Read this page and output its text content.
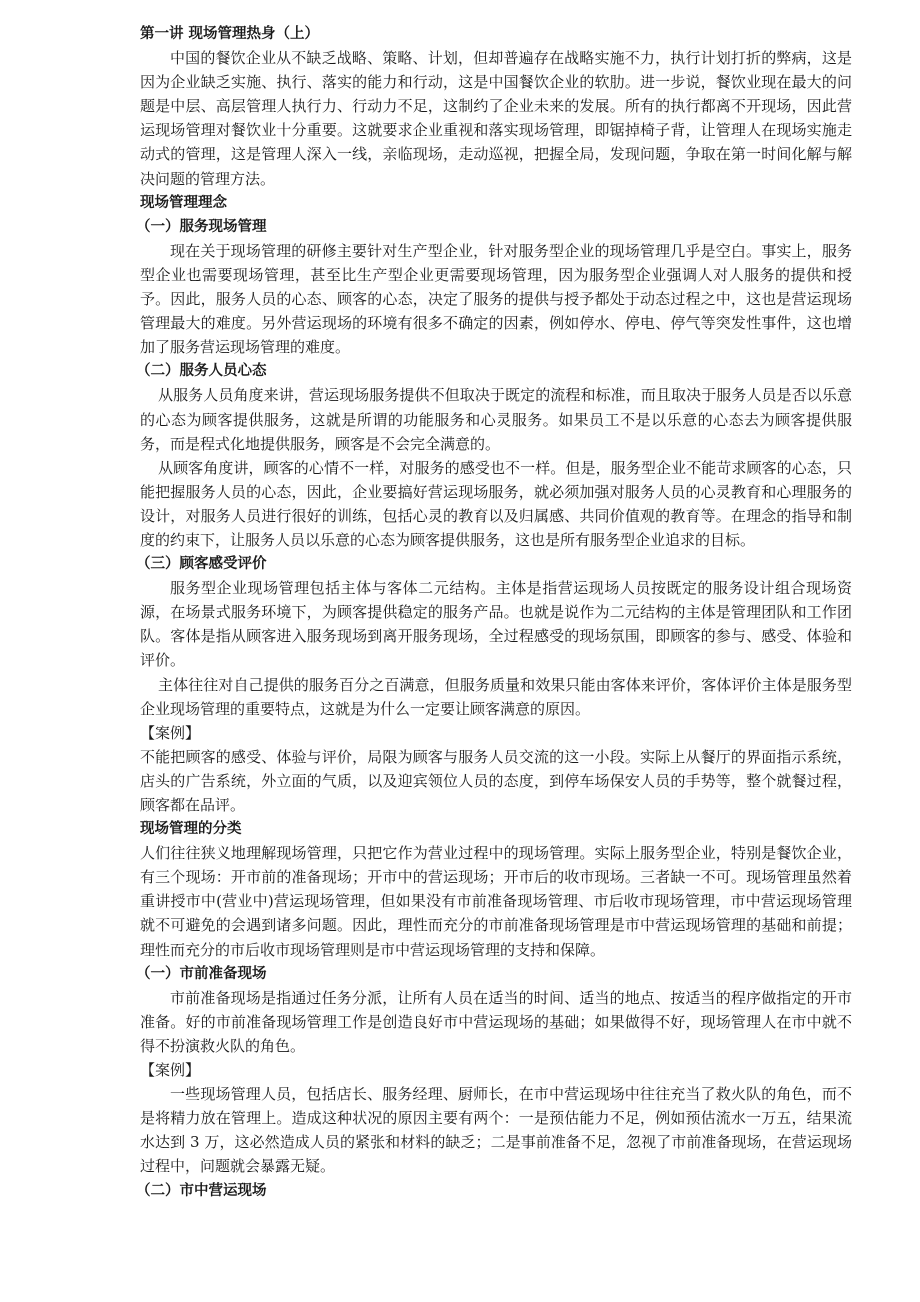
第一讲 现场管理热身（上）

中国的餐饮企业从不缺乏战略、策略、计划，但却普遍存在战略实施不力，执行计划打折的弊病，这是因为企业缺乏实施、执行、落实的能力和行动，这是中国餐饮企业的软肋。进一步说，餐饮业现在最大的问题是中层、高层管理人执行力、行动力不足，这制约了企业未来的发展。所有的执行都离不开现场，因此营运现场管理对餐饮业十分重要。这就要求企业重视和落实现场管理，即锯掉椅子背，让管理人在现场实施走动式的管理，这是管理人深入一线，亲临现场，走动巡视，把握全局，发现问题，争取在第一时间化解与解决问题的管理方法。

现场管理理念

（一）服务现场管理

现在关于现场管理的研修主要针对生产型企业，针对服务型企业的现场管理几乎是空白。事实上，服务型企业也需要现场管理，甚至比生产型企业更需要现场管理，因为服务型企业强调人对人服务的提供和授予。因此，服务人员的心态、顾客的心态，决定了服务的提供与授予都处于动态过程之中，这也是营运现场管理最大的难度。另外营运现场的环境有很多不确定的因素，例如停水、停电、停气等突发性事件，这也增加了服务营运现场管理的难度。

（二）服务人员心态

从服务人员角度来讲，营运现场服务提供不但取决于既定的流程和标准，而且取决于服务人员是否以乐意的心态为顾客提供服务，这就是所谓的功能服务和心灵服务。如果员工不是以乐意的心态去为顾客提供服务，而是程式化地提供服务，顾客是不会完全满意的。

从顾客角度讲，顾客的心情不一样，对服务的感受也不一样。但是，服务型企业不能苛求顾客的心态，只能把握服务人员的心态，因此，企业要搞好营运现场服务，就必须加强对服务人员的心灵教育和心理服务的设计，对服务人员进行很好的训练，包括心灵的教育以及归属感、共同价值观的教育等。在理念的指导和制度的约束下，让服务人员以乐意的心态为顾客提供服务，这也是所有服务型企业追求的目标。

（三）顾客感受评价

服务型企业现场管理包括主体与客体二元结构。主体是指营运现场人员按既定的服务设计组合现场资源，在场景式服务环境下，为顾客提供稳定的服务产品。也就是说作为二元结构的主体是管理团队和工作团队。客体是指从顾客进入服务现场到离开服务现场，全过程感受的现场氛围，即顾客的参与、感受、体验和评价。

主体往往对自己提供的服务百分之百满意，但服务质量和效果只能由客体来评价，客体评价主体是服务型企业现场管理的重要特点，这就是为什么一定要让顾客满意的原因。

【案例】

不能把顾客的感受、体验与评价，局限为顾客与服务人员交流的这一小段。实际上从餐厅的界面指示系统，店头的广告系统，外立面的气质，以及迎宾领位人员的态度，到停车场保安人员的手势等，整个就餐过程，顾客都在品评。

现场管理的分类

人们往往狭义地理解现场管理，只把它作为营业过程中的现场管理。实际上服务型企业，特别是餐饮企业，有三个现场：开市前的准备现场；开市中的营运现场；开市后的收市现场。三者缺一不可。现场管理虽然着重讲授市中(营业中)营运现场管理，但如果没有市前准备现场管理、市后收市现场管理，市中营运现场管理就不可避免的会遇到诸多问题。因此，理性而充分的市前准备现场管理是市中营运现场管理的基础和前提；理性而充分的市后收市现场管理则是市中营运现场管理的支持和保障。

（一）市前准备现场

市前准备现场是指通过任务分派，让所有人员在适当的时间、适当的地点、按适当的程序做指定的开市准备。好的市前准备现场管理工作是创造良好市中营运现场的基础；如果做得不好，现场管理人在市中就不得不扮演救火队的角色。

【案例】

一些现场管理人员，包括店长、服务经理、厨师长，在市中营运现场中往往充当了救火队的角色，而不是将精力放在管理上。造成这种状况的原因主要有两个：一是预估能力不足，例如预估流水一万五，结果流水达到 3 万，这必然造成人员的紧张和材料的缺乏；二是事前准备不足，忽视了市前准备现场，在营运现场过程中，问题就会暴露无疑。

（二）市中营运现场
